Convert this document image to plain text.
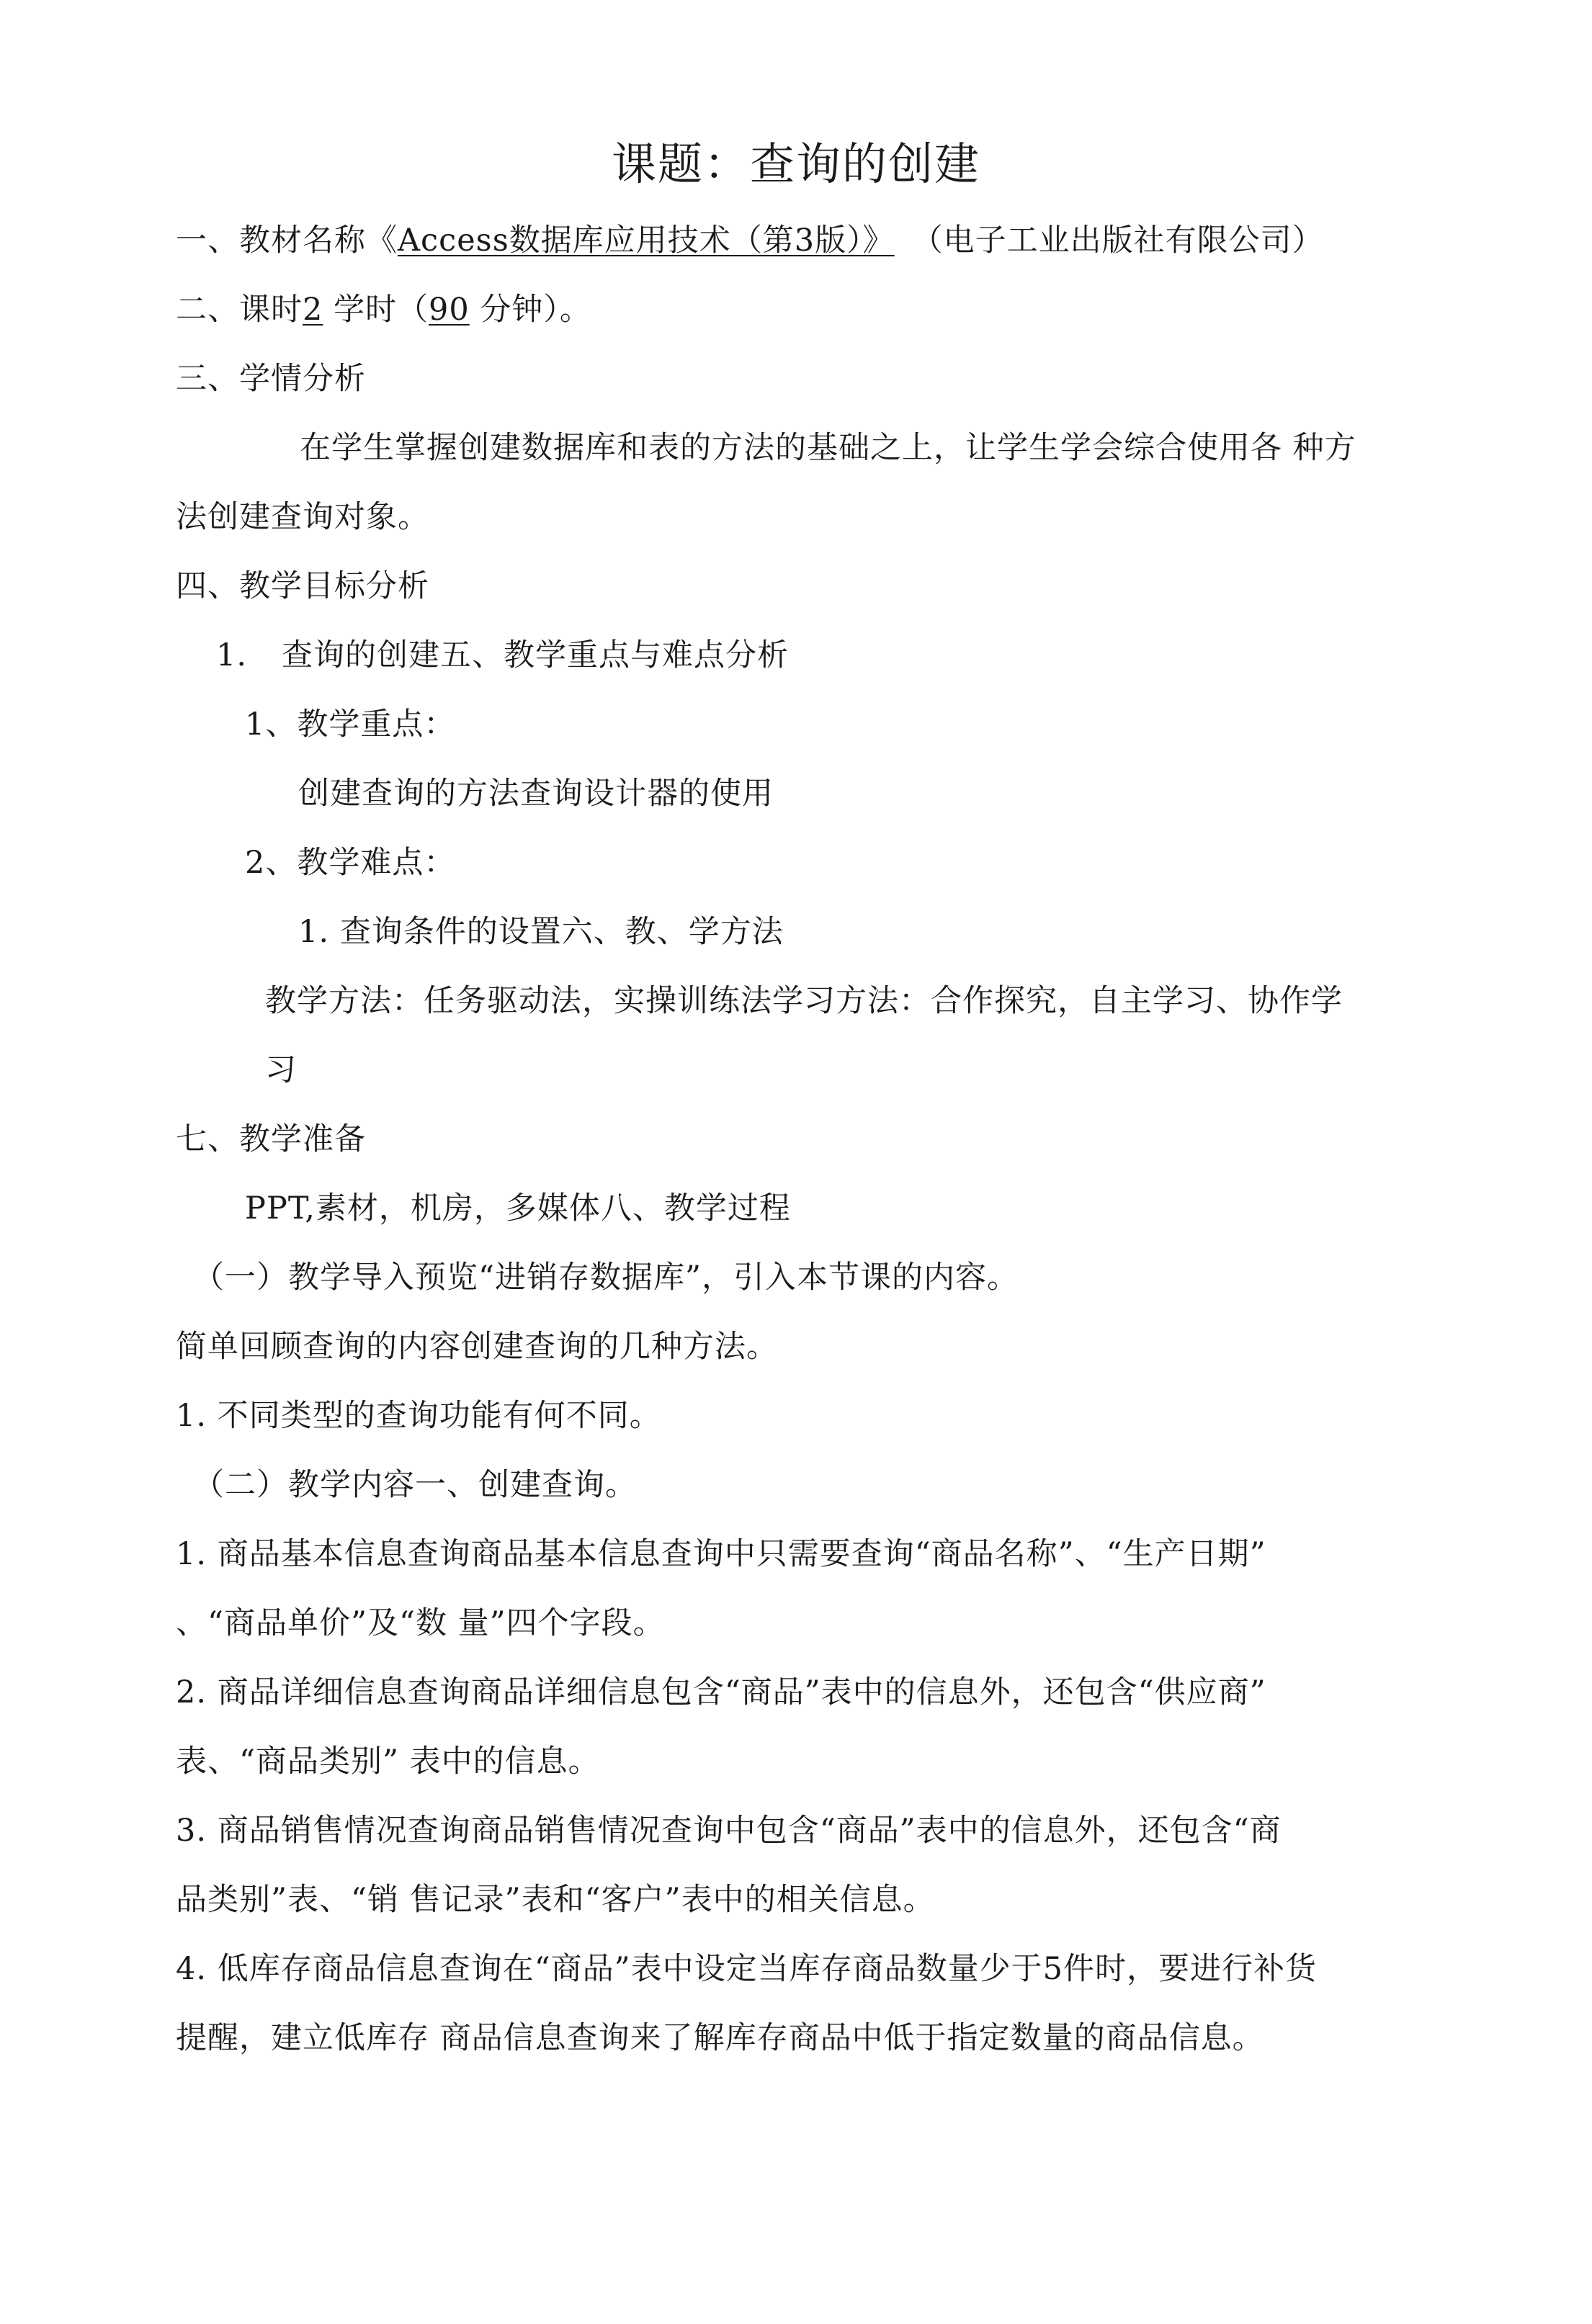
课题：查询的创建
一、教材名称《Access数据库应用技术（第3版）》 （电子工业出版社有限公司）
二、课时2 学时（90 分钟）。
三、学情分析
在学生掌握创建数据库和表的方法的基础之上，让学生学会综合使用各 种方
法创建查询对象。
四、教学目标分析
1. 查询的创建五、教学重点与难点分析
1、教学重点：
创建查询的方法查询设计器的使用
2、教学难点：
1. 查询条件的设置六、教、学方法
教学方法：任务驱动法，实操训练法学习方法：合作探究，自主学习、协作学
习
七、教学准备
PPT,素材，机房，多媒体八、教学过程
（一）教学导入预览“进销存数据库”，引入本节课的内容。
简单回顾查询的内容创建查询的几种方法。
1. 不同类型的查询功能有何不同。
（二）教学内容一、创建查询。
1. 商品基本信息查询商品基本信息查询中只需要查询“商品名称”、“生产日期”
、“商品单价”及“数 量”四个字段。
2. 商品详细信息查询商品详细信息包含“商品”表中的信息外，还包含“供应商”
表、“商品类别” 表中的信息。
3. 商品销售情况查询商品销售情况查询中包含“商品”表中的信息外，还包含“商
品类别”表、“销 售记录”表和“客户”表中的相关信息。
4. 低库存商品信息查询在“商品”表中设定当库存商品数量少于5件时，要进行补货
提醒，建立低库存 商品信息查询来了解库存商品中低于指定数量的商品信息。
